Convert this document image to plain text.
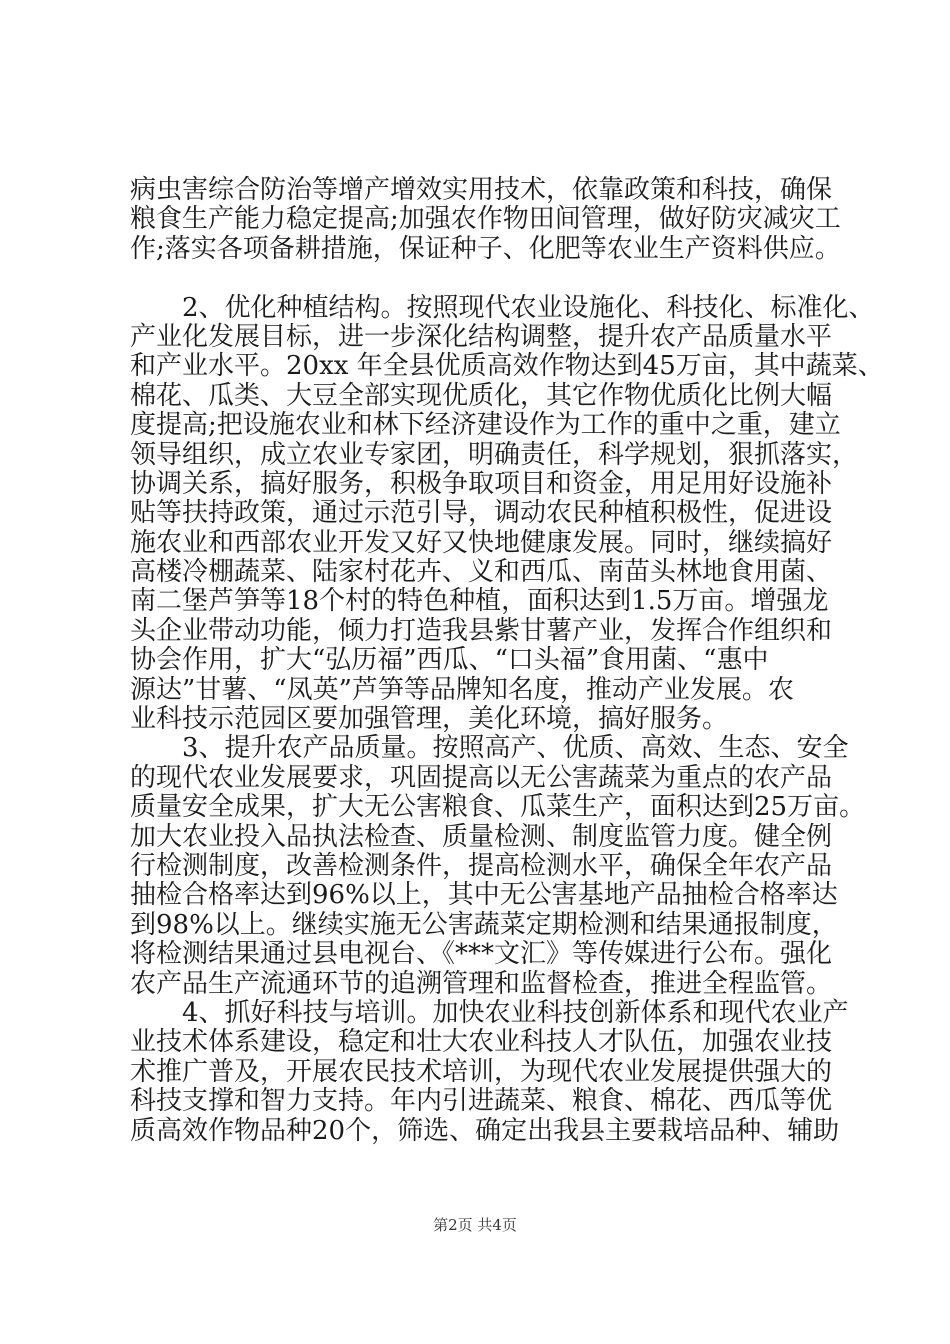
病虫害综合防治等增产增效实用技术，依靠政策和科技，确保
粮食生产能力稳定提高;加强农作物田间管理，做好防灾减灾工
作;落实各项备耕措施，保证种子、化肥等农业生产资料供应。
　　2、优化种植结构。按照现代农业设施化、科技化、标准化、
产业化发展目标，进一步深化结构调整，提升农产品质量水平
和产业水平。20xx 年全县优质高效作物达到45万亩，其中蔬菜、
棉花、瓜类、大豆全部实现优质化，其它作物优质化比例大幅
度提高;把设施农业和林下经济建设作为工作的重中之重，建立
领导组织，成立农业专家团，明确责任，科学规划，狠抓落实，
协调关系，搞好服务，积极争取项目和资金，用足用好设施补
贴等扶持政策，通过示范引导，调动农民种植积极性，促进设
施农业和西部农业开发又好又快地健康发展。同时，继续搞好
高楼冷棚蔬菜、陆家村花卉、义和西瓜、南苗头林地食用菌、
南二堡芦笋等18个村的特色种植，面积达到1.5万亩。增强龙
头企业带动功能，倾力打造我县紫甘薯产业，发挥合作组织和
协会作用，扩大“弘历福”西瓜、“口头福”食用菌、“惠中
源达”甘薯、“凤英”芦笋等品牌知名度，推动产业发展。农
业科技示范园区要加强管理，美化环境，搞好服务。
　　3、提升农产品质量。按照高产、优质、高效、生态、安全
的现代农业发展要求，巩固提高以无公害蔬菜为重点的农产品
质量安全成果，扩大无公害粮食、瓜菜生产，面积达到25万亩。
加大农业投入品执法检查、质量检测、制度监管力度。健全例
行检测制度，改善检测条件，提高检测水平，确保全年农产品
抽检合格率达到96%以上，其中无公害基地产品抽检合格率达
到98%以上。继续实施无公害蔬菜定期检测和结果通报制度，
将检测结果通过县电视台、《***文汇》等传媒进行公布。强化
农产品生产流通环节的追溯管理和监督检查，推进全程监管。
　　4、抓好科技与培训。加快农业科技创新体系和现代农业产
业技术体系建设，稳定和壮大农业科技人才队伍，加强农业技
术推广普及，开展农民技术培训，为现代农业发展提供强大的
科技支撑和智力支持。年内引进蔬菜、粮食、棉花、西瓜等优
质高效作物品种20个，筛选、确定出我县主要栽培品种、辅助
第2页 共4页
